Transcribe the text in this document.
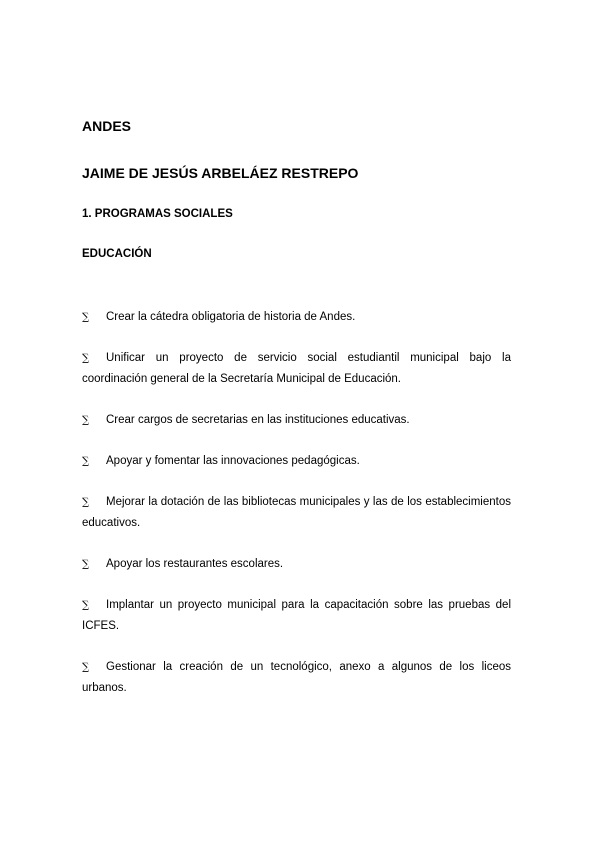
ANDES
JAIME DE JESÚS ARBELÁEZ RESTREPO
1. PROGRAMAS SOCIALES
EDUCACIÓN
∑ Crear la cátedra obligatoria de historia de Andes.
∑ Unificar un proyecto de servicio social estudiantil municipal bajo la coordinación general de la Secretaría Municipal de Educación.
∑ Crear cargos de secretarias en las instituciones educativas.
∑ Apoyar y fomentar las innovaciones pedagógicas.
∑ Mejorar la dotación de las bibliotecas municipales y las de los establecimientos educativos.
∑ Apoyar los restaurantes escolares.
∑ Implantar un proyecto municipal para la capacitación sobre las pruebas del ICFES.
∑ Gestionar la creación de un tecnológico, anexo a algunos de los liceos urbanos.
